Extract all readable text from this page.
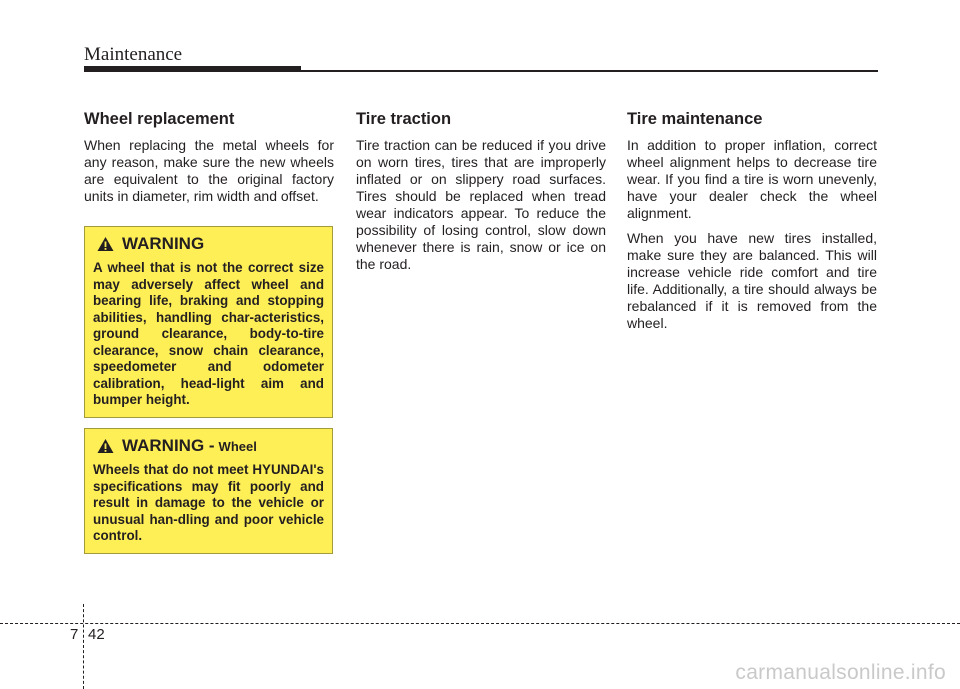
Maintenance
Wheel replacement

When replacing the metal wheels for any reason, make sure the new wheels are equivalent to the original factory units in diameter, rim width and offset.

Tire traction

Tire traction can be reduced if you drive on worn tires, tires that are improperly inflated or on slippery road surfaces. Tires should be replaced when tread wear indicators appear. To reduce the possibility of losing control, slow down whenever there is rain, snow or ice on the road.

Tire maintenance

In addition to proper inflation, correct wheel alignment helps to decrease tire wear. If you find a tire is worn unevenly, have your dealer check the wheel alignment.

When you have new tires installed, make sure they are balanced. This will increase vehicle ride comfort and tire life. Additionally, a tire should always be rebalanced if it is removed from the wheel.

WARNING

A wheel that is not the correct size may adversely affect wheel and bearing life, braking and stopping abilities, handling char-acteristics, ground clearance, body-to-tire clearance, snow chain clearance, speedometer and odometer calibration, head-light aim and bumper height.

WARNING - Wheel

Wheels that do not meet HYUNDAI's specifications may fit poorly and result in damage to the vehicle or unusual han-dling and poor vehicle control.

7 42
carmanualsonline.info
